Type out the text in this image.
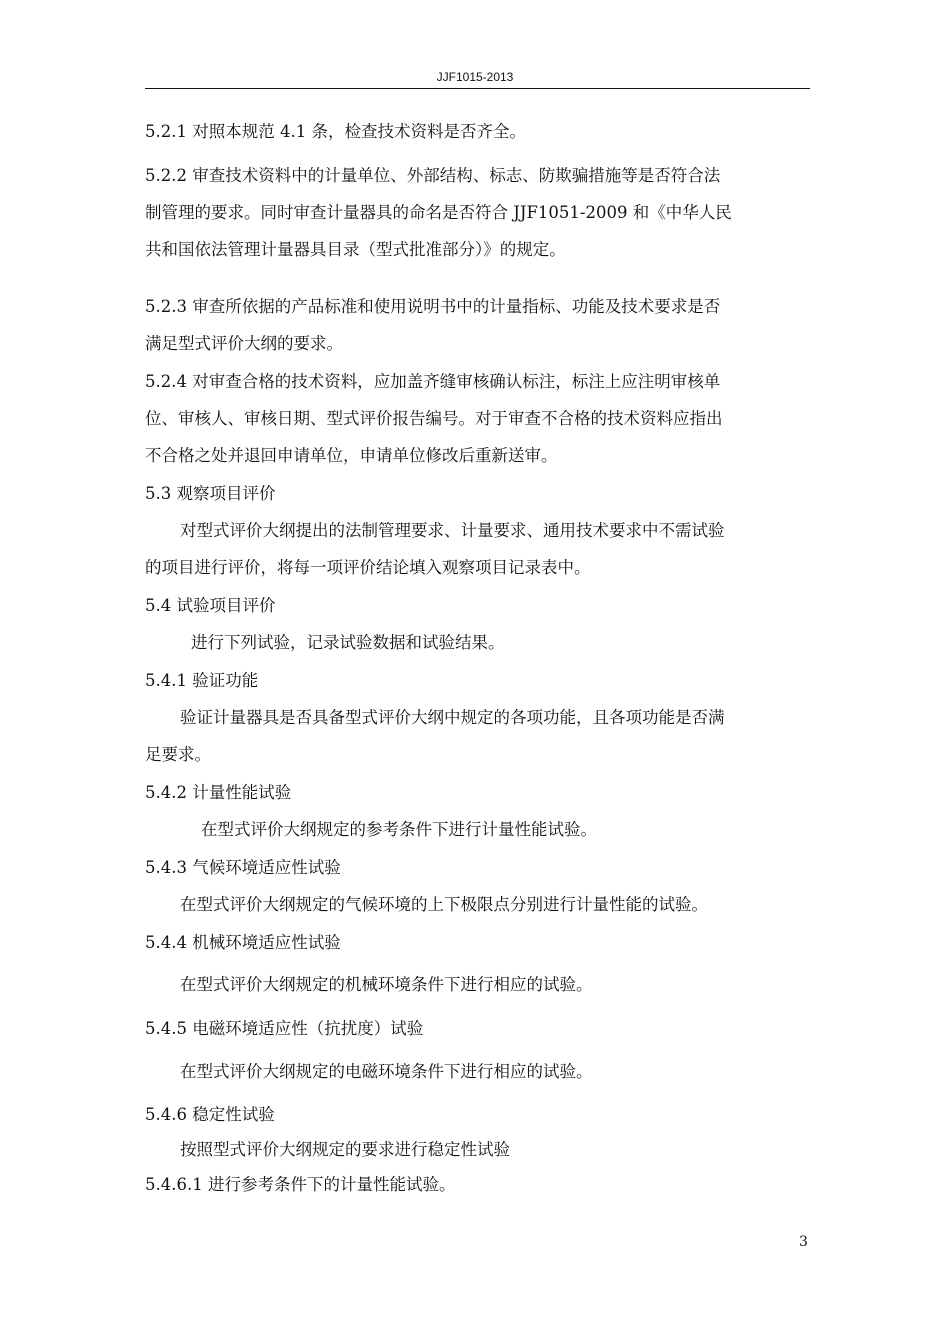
JJF1015-2013
5.2.1 对照本规范 4.1 条，检查技术资料是否齐全。
5.2.2 审查技术资料中的计量单位、外部结构、标志、防欺骗措施等是否符合法
制管理的要求。同时审查计量器具的命名是否符合 JJF1051-2009 和《中华人民
共和国依法管理计量器具目录（型式批准部分）》的规定。
5.2.3 审查所依据的产品标准和使用说明书中的计量指标、功能及技术要求是否
满足型式评价大纲的要求。
5.2.4 对审查合格的技术资料，应加盖齐缝审核确认标注，标注上应注明审核单
位、审核人、审核日期、型式评价报告编号。对于审查不合格的技术资料应指出
不合格之处并退回申请单位，申请单位修改后重新送审。
5.3 观察项目评价
对型式评价大纲提出的法制管理要求、计量要求、通用技术要求中不需试验
的项目进行评价，将每一项评价结论填入观察项目记录表中。
5.4 试验项目评价
进行下列试验，记录试验数据和试验结果。
5.4.1 验证功能
验证计量器具是否具备型式评价大纲中规定的各项功能，且各项功能是否满
足要求。
5.4.2 计量性能试验
在型式评价大纲规定的参考条件下进行计量性能试验。
5.4.3 气候环境适应性试验
在型式评价大纲规定的气候环境的上下极限点分别进行计量性能的试验。
5.4.4 机械环境适应性试验
在型式评价大纲规定的机械环境条件下进行相应的试验。
5.4.5 电磁环境适应性（抗扰度）试验
在型式评价大纲规定的电磁环境条件下进行相应的试验。
5.4.6 稳定性试验
按照型式评价大纲规定的要求进行稳定性试验
5.4.6.1 进行参考条件下的计量性能试验。
3
